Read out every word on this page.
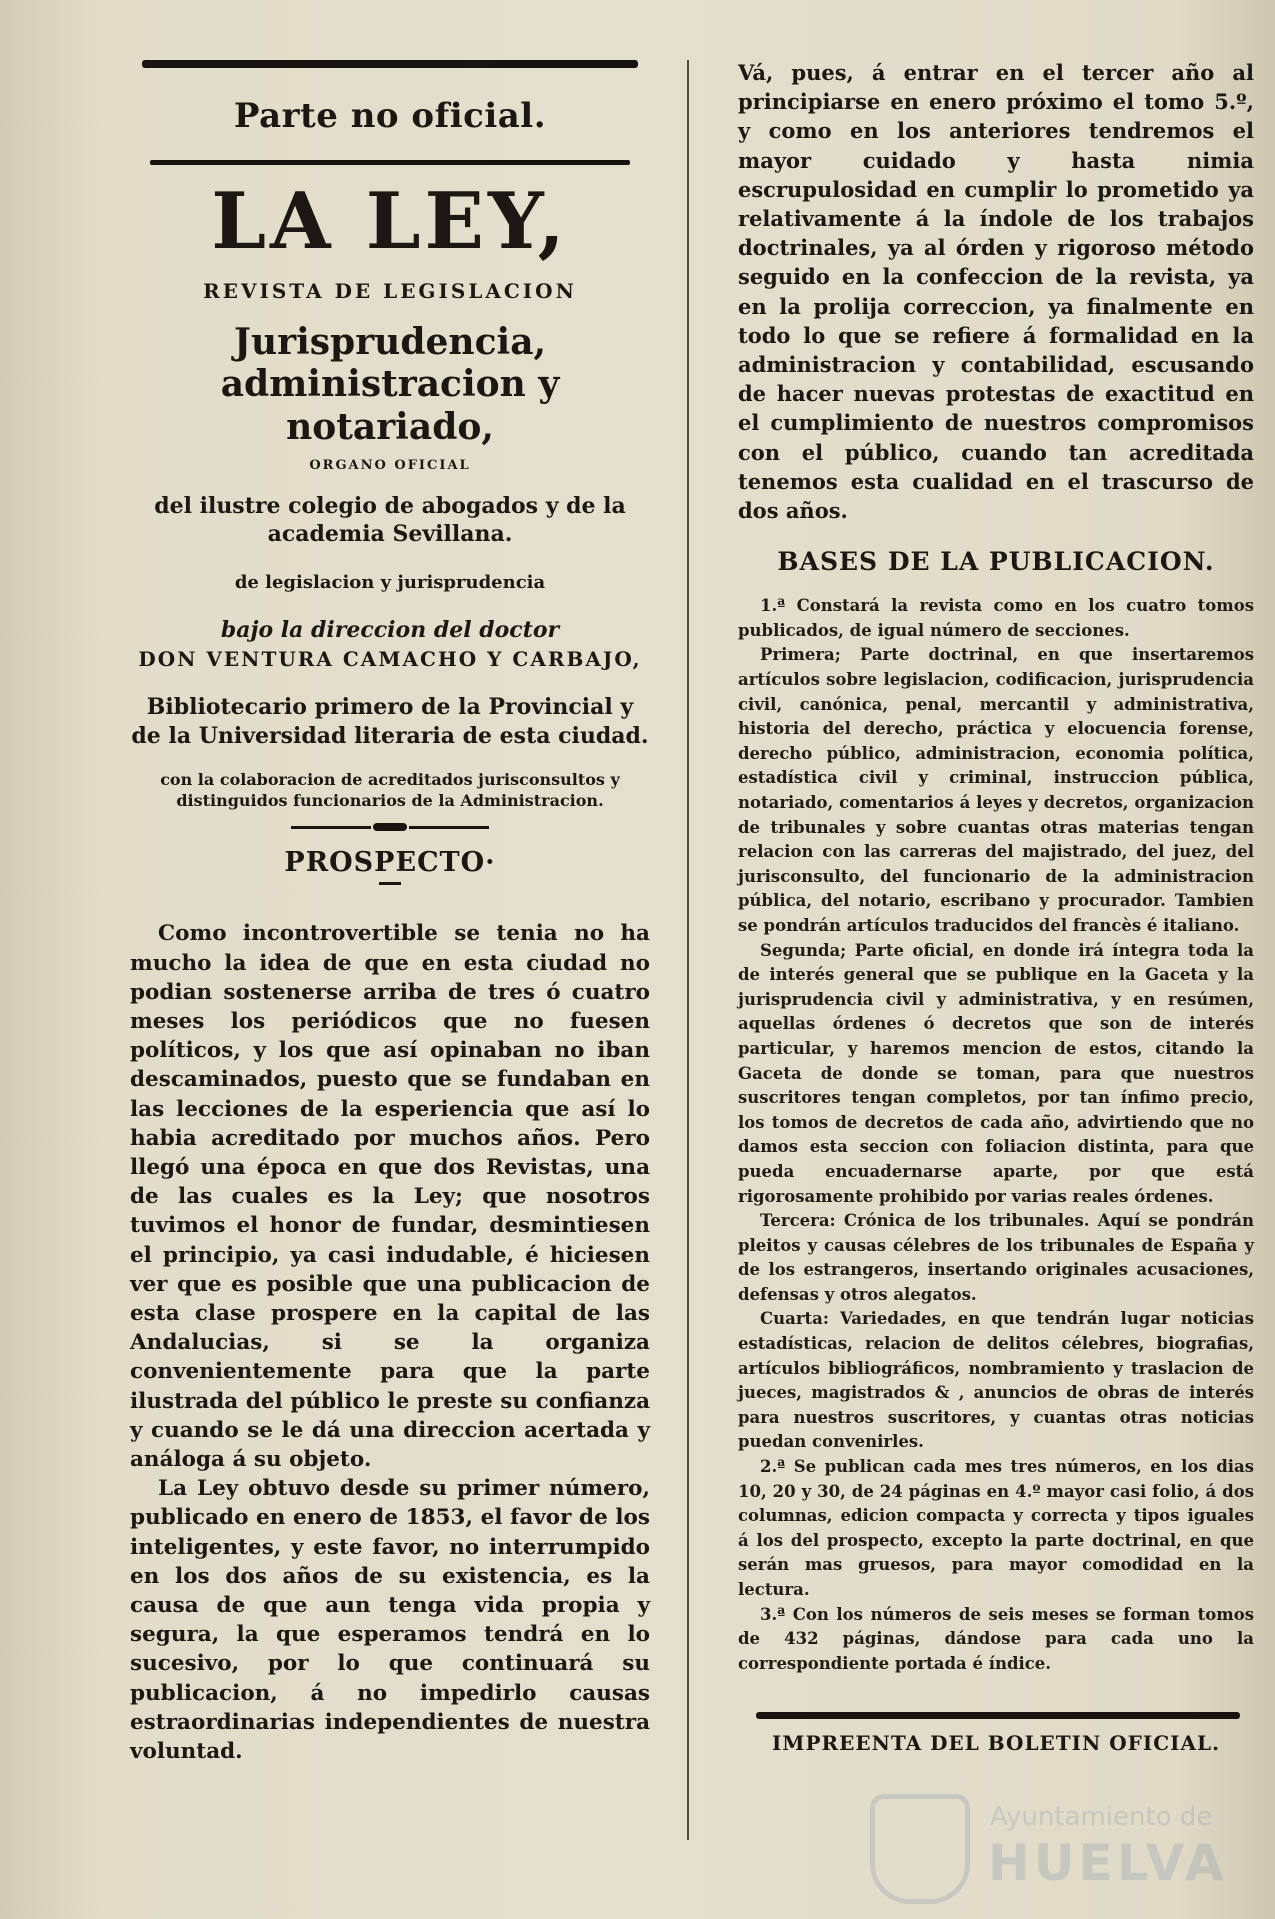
Parte no oficial.
LA LEY,
REVISTA DE LEGISLACION
Jurisprudencia, administracion y notariado,
ORGANO OFICIAL
del ilustre colegio de abogados y de la academia Sevillana.
de legislacion y jurisprudencia
bajo la direccion del doctor
DON VENTURA CAMACHO Y CARBAJO,
Bibliotecario primero de la Provincial y de la Universidad literaria de esta ciudad.
con la colaboracion de acreditados jurisconsultos y distinguidos funcionarios de la Administracion.
PROSPECTO·

Como incontrovertible se tenia no ha mucho la idea de que en esta ciudad no podian sostenerse arriba de tres ó cuatro meses los periódicos que no fuesen políticos, y los que así opinaban no iban descaminados, puesto que se fundaban en las lecciones de la esperiencia que así lo habia acreditado por muchos años. Pero llegó una época en que dos Revistas, una de las cuales es la Ley; que nosotros tuvimos el honor de fundar, desmintiesen el principio, ya casi indudable, é hiciesen ver que es posible que una publicacion de esta clase prospere en la capital de las Andalucias, si se la organiza convenientemente para que la parte ilustrada del público le preste su confianza y cuando se le dá una direccion acertada y análoga á su objeto.

La Ley obtuvo desde su primer número, publicado en enero de 1853, el favor de los inteligentes, y este favor, no interrumpido en los dos años de su existencia, es la causa de que aun tenga vida propia y segura, la que esperamos tendrá en lo sucesivo, por lo que continuará su publicacion, á no impedirlo causas estraordinarias independientes de nuestra voluntad.

Vá, pues, á entrar en el tercer año al principiarse en enero próximo el tomo 5.º, y como en los anteriores tendremos el mayor cuidado y hasta nimia escrupulosidad en cumplir lo prometido ya relativamente á la índole de los trabajos doctrinales, ya al órden y rigoroso método seguido en la confeccion de la revista, ya en la prolija correccion, ya finalmente en todo lo que se refiere á formalidad en la administracion y contabilidad, escusando de hacer nuevas protestas de exactitud en el cumplimiento de nuestros compromisos con el público, cuando tan acreditada tenemos esta cualidad en el trascurso de dos años.
BASES DE LA PUBLICACION.

1.ª Constará la revista como en los cuatro tomos publicados, de igual número de secciones.

Primera; Parte doctrinal, en que insertaremos artículos sobre legislacion, codificacion, jurisprudencia civil, canónica, penal, mercantil y administrativa, historia del derecho, práctica y elocuencia forense, derecho público, administracion, economia política, estadística civil y criminal, instruccion pública, notariado, comentarios á leyes y decretos, organizacion de tribunales y sobre cuantas otras materias tengan relacion con las carreras del majistrado, del juez, del jurisconsulto, del funcionario de la administracion pública, del notario, escribano y procurador. Tambien se pondrán artículos traducidos del francès é italiano.

Segunda; Parte oficial, en donde irá íntegra toda la de interés general que se publique en la Gaceta y la jurisprudencia civil y administrativa, y en resúmen, aquellas órdenes ó decretos que son de interés particular, y haremos mencion de estos, citando la Gaceta de donde se toman, para que nuestros suscritores tengan completos, por tan ínfimo precio, los tomos de decretos de cada año, advirtiendo que no damos esta seccion con foliacion distinta, para que pueda encuadernarse aparte, por que está rigorosamente prohibido por varias reales órdenes.

Tercera: Crónica de los tribunales. Aquí se pondrán pleitos y causas célebres de los tribunales de España y de los estrangeros, insertando originales acusaciones, defensas y otros alegatos.

Cuarta: Variedades, en que tendrán lugar noticias estadísticas, relacion de delitos célebres, biografias, artículos bibliográficos, nombramiento y traslacion de jueces, magistrados & , anuncios de obras de interés para nuestros suscritores, y cuantas otras noticias puedan convenirles.

2.ª Se publican cada mes tres números, en los dias 10, 20 y 30, de 24 páginas en 4.º mayor casi folio, á dos columnas, edicion compacta y correcta y tipos iguales á los del prospecto, excepto la parte doctrinal, en que serán mas gruesos, para mayor comodidad en la lectura.

3.ª Con los números de seis meses se forman tomos de 432 páginas, dándose para cada uno la correspondiente portada é índice.

IMPREENTA DEL BOLETIN OFICIAL.
Ayuntamiento de
HUELVA
